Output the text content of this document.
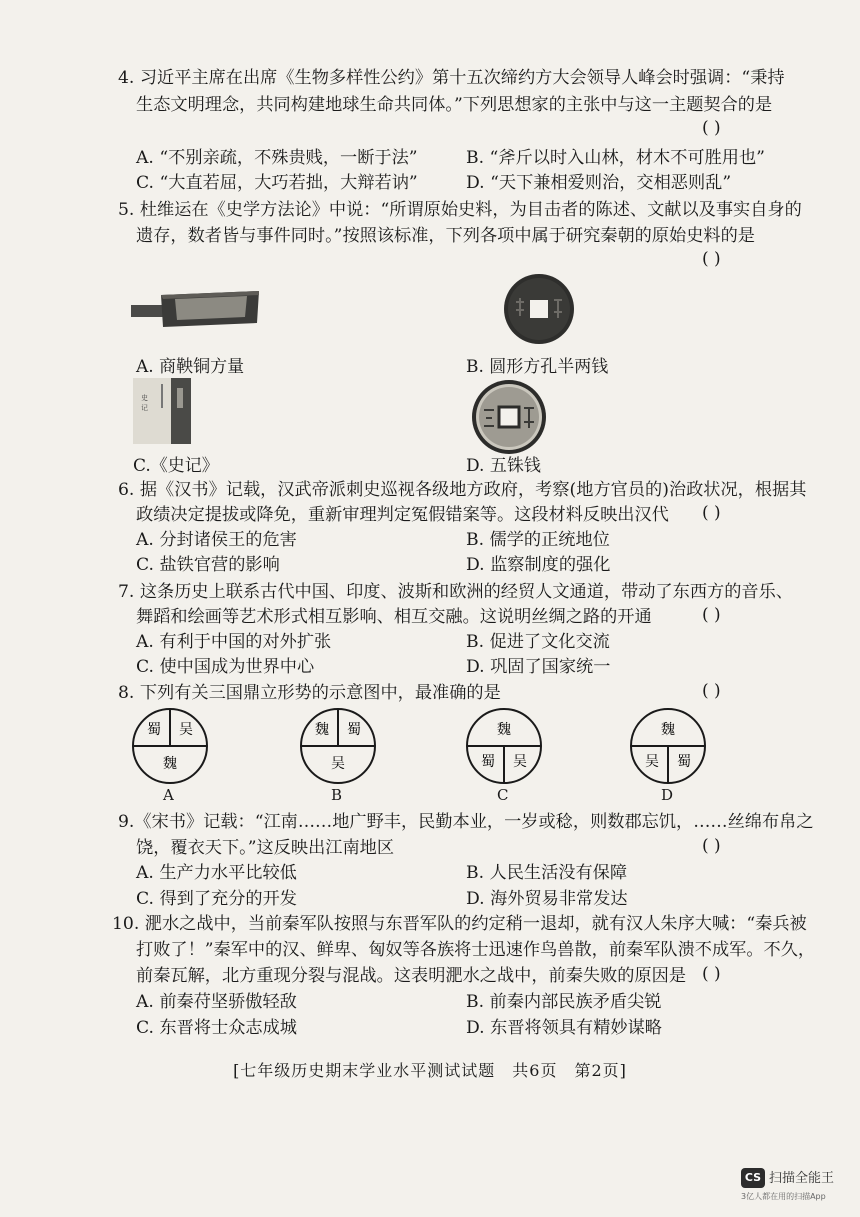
4. 习近平主席在出席《生物多样性公约》第十五次缔约方大会领导人峰会时强调：“秉持
生态文明理念，共同构建地球生命共同体。”下列思想家的主张中与这一主题契合的是
( )
A. “不别亲疏，不殊贵贱，一断于法”	B. “斧斤以时入山林，材木不可胜用也”
C. “大直若屈，大巧若拙，大辩若讷”	D. “天下兼相爱则治，交相恶则乱”
5. 杜维运在《史学方法论》中说：“所谓原始史料，为目击者的陈述、文献以及事实自身的
遗存，数者皆与事件同时。”按照该标准，下列各项中属于研究秦朝的原始史料的是
( )
A. 商鞅铜方量	B. 圆形方孔半两钱
史
记
C.《史记》	D. 五铢钱
6. 据《汉书》记载，汉武帝派刺史巡视各级地方政府，考察(地方官员的)治政状况，根据其
政绩决定提拔或降免，重新审理判定冤假错案等。这段材料反映出汉代 ( )
A. 分封诸侯王的危害	B. 儒学的正统地位
C. 盐铁官营的影响	D. 监察制度的强化
7. 这条历史上联系古代中国、印度、波斯和欧洲的经贸人文通道，带动了东西方的音乐、
舞蹈和绘画等艺术形式相互影响、相互交融。这说明丝绸之路的开通	( )
A. 有利于中国的对外扩张	B. 促进了文化交流
C. 使中国成为世界中心	D. 巩固了国家统一
8. 下列有关三国鼎立形势的示意图中，最准确的是	( )
蜀 吴
魏
A
魏 蜀
吴
B
魏
蜀 吴
C
魏
吴 蜀
D
9.《宋书》记载：“江南……地广野丰，民勤本业，一岁或稔，则数郡忘饥，……丝绵布帛之
饶，覆衣天下。”这反映出江南地区	( )
A. 生产力水平比较低	B. 人民生活没有保障
C. 得到了充分的开发	D. 海外贸易非常发达
10. 淝水之战中，当前秦军队按照与东晋军队的约定稍一退却，就有汉人朱序大喊：“秦兵被
打败了！”秦军中的汉、鲜卑、匈奴等各族将士迅速作鸟兽散，前秦军队溃不成军。不久，
前秦瓦解，北方重现分裂与混战。这表明淝水之战中，前秦失败的原因是 ( )
A. 前秦苻坚骄傲轻敌	B. 前秦内部民族矛盾尖锐
C. 东晋将士众志成城	D. 东晋将领具有精妙谋略
[七年级历史期末学业水平测试试题　共6页　第2页]
CS 扫描全能王
3亿人都在用的扫描App
